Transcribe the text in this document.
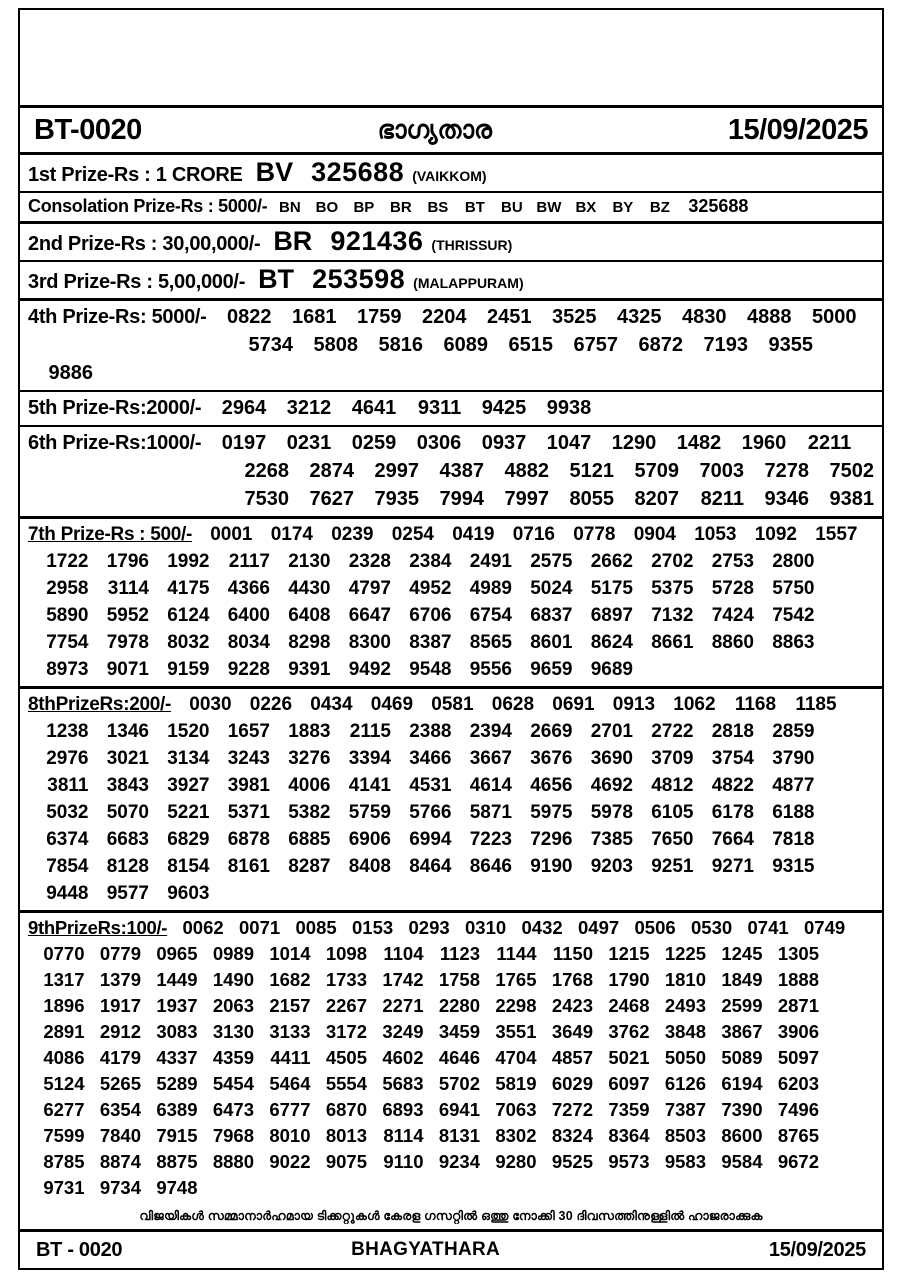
BT-0020	ഭാഗ്യതാര	15/09/2025
1st Prize-Rs : 1 CRORE BV 325688 (VAIKKOM)
Consolation Prize-Rs : 5000/- BN BO	BP	BR	BS	BT	BU BW BX	BY	BZ	325688
2nd Prize-Rs : 30,00,000/- BR 921436 (THRISSUR)
3rd Prize-Rs : 5,00,000/- BT 253598 (MALAPPURAM)
4th Prize-Rs: 5000/-	0822	1681	1759	2204	2451	3525	4325	4830	4888	5000
5734	5808	5816	6089	6515	6757	6872	7193	9355
9886
5th Prize-Rs:2000/-	2964	3212	4641	9311	9425	9938
6th Prize-Rs:1000/-	0197	0231	0259	0306	0937	1047	1290	1482	1960	2211
2268	2874	2997	4387	4882	5121	5709	7003	7278	7502
7530	7627	7935	7994	7997	8055	8207	8211	9346	9381
7th Prize-Rs : 500/- 0001 0174 0239 0254 0419 0716 0778 0904 1053 1092 1557
1722 1796 1992	2117 2130 2328 2384 2491 2575 2662 2702 2753 2800
2958	3114 4175 4366 4430 4797 4952 4989 5024 5175 5375 5728 5750
5890 5952 6124 6400 6408 6647 6706 6754 6837 6897 7132 7424 7542
7754 7978 8032 8034 8298 8300 8387 8565 8601 8624 8661 8860 8863
8973 9071 9159 9228 9391 9492 9548 9556 9659 9689
8thPrizeRs:200/- 0030 0226 0434 0469 0581 0628 0691 0913 1062	1168	1185
1238 1346 1520 1657 1883	2115 2388 2394 2669 2701 2722 2818 2859
2976 3021 3134 3243 3276 3394 3466 3667 3676 3690 3709 3754 3790
3811 3843 3927 3981 4006 4141 4531 4614 4656 4692 4812 4822 4877
5032 5070 5221 5371 5382 5759 5766 5871 5975 5978 6105 6178 6188
6374 6683 6829 6878 6885 6906 6994 7223 7296 7385 7650 7664 7818
7854 8128 8154 8161 8287 8408 8464 8646 9190 9203 9251 9271 9315
9448 9577 9603
9thPrizeRs:100/- 0062 0071 0085 0153 0293 0310 0432 0497 0506 0530 0741 0749
0770 0779 0965 0989 1014 1098 1104 1123 1144 1150 1215 1225 1245 1305
1317 1379 1449 1490 1682 1733 1742 1758 1765 1768 1790 1810 1849 1888
1896 1917 1937 2063 2157 2267 2271 2280 2298 2423 2468 2493 2599 2871
2891 2912 3083 3130 3133 3172 3249 3459 3551 3649 3762 3848 3867 3906
4086 4179 4337 4359 4411 4505 4602 4646 4704 4857 5021 5050 5089 5097
5124 5265 5289 5454 5464 5554 5683 5702 5819 6029 6097 6126 6194 6203
6277 6354 6389 6473 6777 6870 6893 6941 7063 7272 7359 7387 7390 7496
7599 7840 7915 7968 8010 8013 8114 8131 8302 8324 8364 8503 8600 8765
8785 8874 8875 8880 9022 9075 9110 9234 9280 9525 9573 9583 9584 9672
9731 9734 9748
വിജയികൾ സമ്മാനാർഹമായ ടിക്കറ്റുകൾ കേരള ഗസറ്റിൽ ഒത്തു നോക്കി 30 ദിവസത്തിനുള്ളിൽ ഹാജരാക്കുക
BT - 0020	BHAGYATHARA	15/09/2025
